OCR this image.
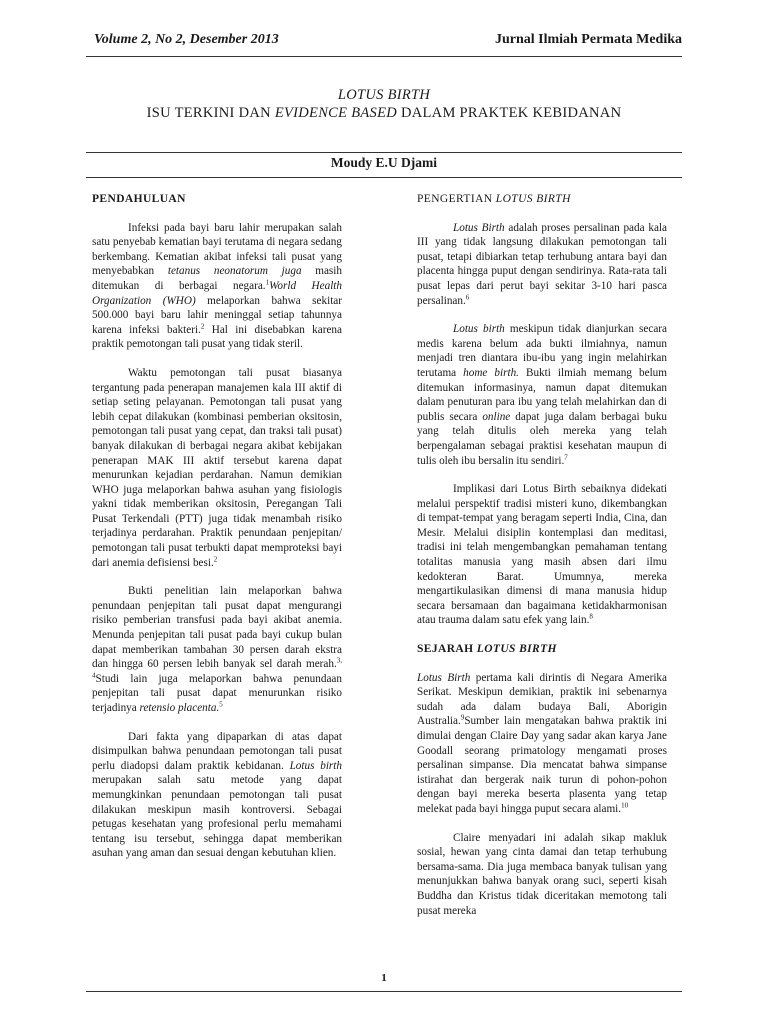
Volume 2, No 2, Desember 2013	Jurnal Ilmiah Permata Medika
LOTUS BIRTH
ISU TERKINI DAN EVIDENCE BASED DALAM PRAKTEK KEBIDANAN
Moudy E.U Djami
PENDAHULUAN

Infeksi pada bayi baru lahir merupakan salah satu penyebab kematian bayi terutama di negara sedang berkembang. Kematian akibat infeksi tali pusat yang menyebabkan tetanus neonatorum juga masih ditemukan di berbagai negara.$^1$World Health Organization (WHO) melaporkan bahwa sekitar 500.000 bayi baru lahir meninggal setiap tahunnya karena infeksi bakteri.$^2$ Hal ini disebabkan karena praktik pemotongan tali pusat yang tidak steril.

Waktu pemotongan tali pusat biasanya tergantung pada penerapan manajemen kala III aktif di setiap seting pelayanan. Pemotongan tali pusat yang lebih cepat dilakukan (kombinasi pemberian oksitosin, pemotongan tali pusat yang cepat, dan traksi tali pusat) banyak dilakukan di berbagai negara akibat kebijakan penerapan MAK III aktif tersebut karena dapat menurunkan kejadian perdarahan. Namun demikian WHO juga melaporkan bahwa asuhan yang fisiologis yakni tidak memberikan oksitosin, Peregangan Tali Pusat Terkendali (PTT) juga tidak menambah risiko terjadinya perdarahan. Praktik penundaan penjepitan/ pemotongan tali pusat terbukti dapat memproteksi bayi dari anemia defisiensi besi.$^2$

Bukti penelitian lain melaporkan bahwa penundaan penjepitan tali pusat dapat mengurangi risiko pemberian transfusi pada bayi akibat anemia. Menunda penjepitan tali pusat pada bayi cukup bulan dapat memberikan tambahan 30 persen darah ekstra dan hingga 60 persen lebih banyak sel darah merah.$^{3, 4}$Studi lain juga melaporkan bahwa penundaan penjepitan tali pusat dapat menurunkan risiko terjadinya retensio placenta.$^5$

Dari fakta yang dipaparkan di atas dapat disimpulkan bahwa penundaan pemotongan tali pusat perlu diadopsi dalam praktik kebidanan. Lotus birth merupakan salah satu metode yang dapat memungkinkan penundaan pemotongan tali pusat dilakukan meskipun masih kontroversi. Sebagai petugas kesehatan yang profesional perlu memahami tentang isu tersebut, sehingga dapat memberikan asuhan yang aman dan sesuai dengan kebutuhan klien.

PENGERTIAN LOTUS BIRTH

Lotus Birth adalah proses persalinan pada kala III yang tidak langsung dilakukan pemotongan tali pusat, tetapi dibiarkan tetap terhubung antara bayi dan placenta hingga puput dengan sendirinya. Rata-rata tali pusat lepas dari perut bayi sekitar 3-10 hari pasca persalinan.$^6$

Lotus birth meskipun tidak dianjurkan secara medis karena belum ada bukti ilmiahnya, namun menjadi tren diantara ibu-ibu yang ingin melahirkan terutama home birth. Bukti ilmiah memang belum ditemukan informasinya, namun dapat ditemukan dalam penuturan para ibu yang telah melahirkan dan di publis secara online dapat juga dalam berbagai buku yang telah ditulis oleh mereka yang telah berpengalaman sebagai praktisi kesehatan maupun di tulis oleh ibu bersalin itu sendiri.$^7$

Implikasi dari Lotus Birth sebaiknya didekati melalui perspektif tradisi misteri kuno, dikembangkan di tempat-tempat yang beragam seperti India, Cina, dan Mesir. Melalui disiplin kontemplasi dan meditasi, tradisi ini telah mengembangkan pemahaman tentang totalitas manusia yang masih absen dari ilmu kedokteran Barat. Umumnya, mereka mengartikulasikan dimensi di mana manusia hidup secara bersamaan dan bagaimana ketidakharmonisan atau trauma dalam satu efek yang lain.$^8$

SEJARAH LOTUS BIRTH

Lotus Birth pertama kali dirintis di Negara Amerika Serikat. Meskipun demikian, praktik ini sebenarnya sudah ada dalam budaya Bali, Aborigin Australia.$^9$Sumber lain mengatakan bahwa praktik ini dimulai dengan Claire Day yang sadar akan karya Jane Goodall seorang primatology mengamati proses persalinan simpanse. Dia mencatat bahwa simpanse istirahat dan bergerak naik turun di pohon-pohon dengan bayi mereka beserta plasenta yang tetap melekat pada bayi hingga puput secara alami.$^{10}$

Claire menyadari ini adalah sikap makluk sosial, hewan yang cinta damai dan tetap terhubung bersama-sama. Dia juga membaca banyak tulisan yang menunjukkan bahwa banyak orang suci, seperti kisah Buddha dan Kristus tidak diceritakan memotong tali pusat mereka

1
